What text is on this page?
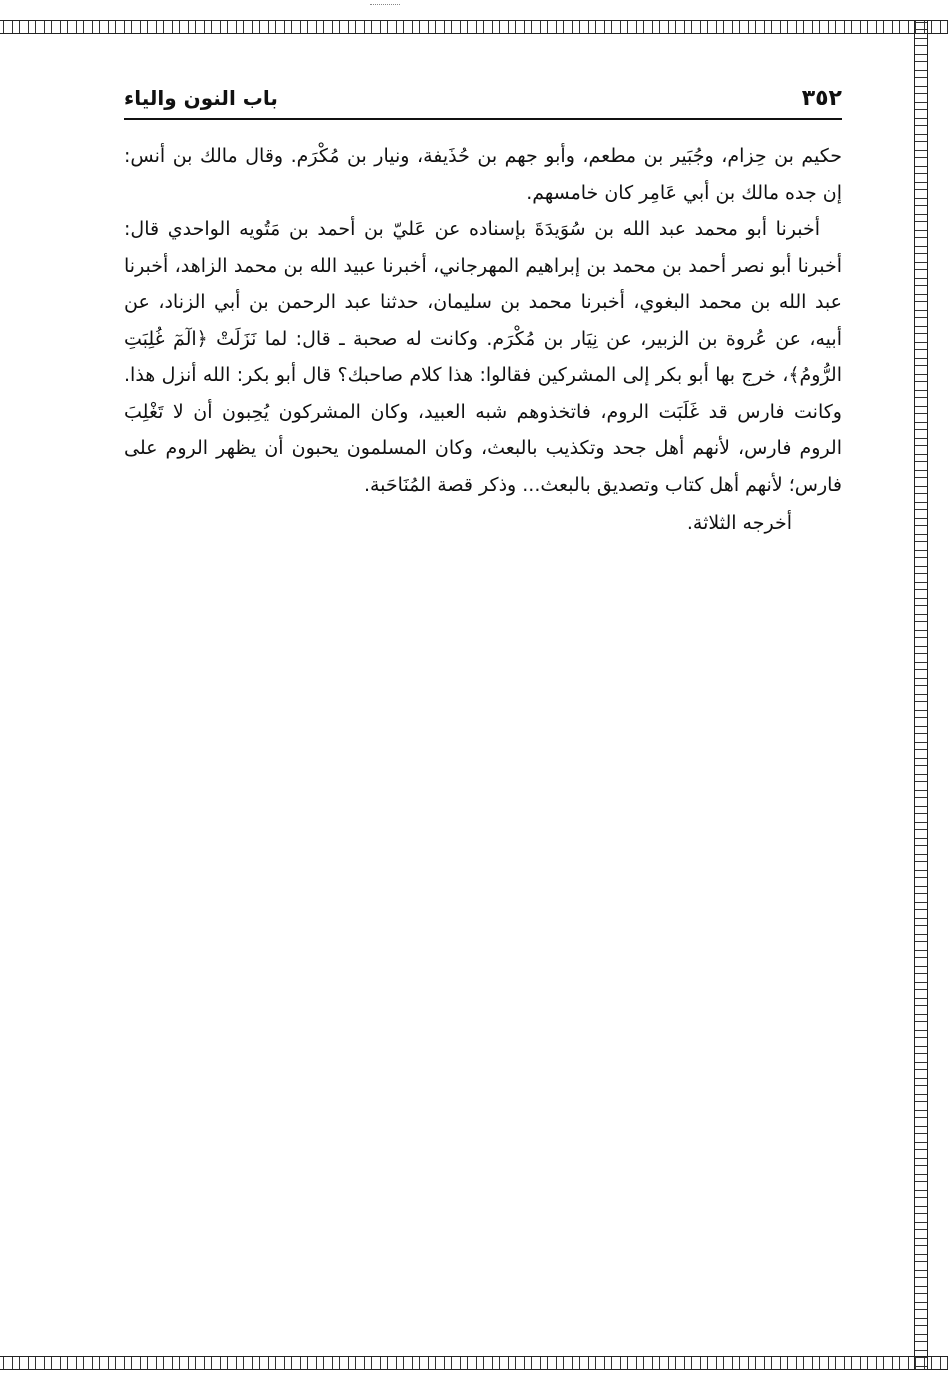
٣٥٢
باب النون والياء

حكيم بن حِزام، وجُبَير بن مطعم، وأبو جهم بن حُذَيفة، ونيار بن مُكْرَم. وقال مالك بن أنس: إن جده مالك بن أبي عَامِر كان خامسهم.

أخبرنا أبو محمد عبد الله بن سُوَيدَةَ بإسناده عن عَليّ بن أحمد بن مَتُويه الواحدي قال: أخبرنا أبو نصر أحمد بن محمد بن إبراهيم المهرجاني، أخبرنا عبيد الله بن محمد الزاهد، أخبرنا عبد الله بن محمد البغوي، أخبرنا محمد بن سليمان، حدثنا عبد الرحمن بن أبي الزناد، عن أبيه، عن عُروة بن الزبير، عن نِيَار بن مُكْرَم. وكانت له صحبة ـ قال: لما نَزَلَتْ ﴿الٓمٓ غُلِبَتِ الرُّومُ﴾، خرج بها أبو بكر إلى المشركين فقالوا: هذا كلام صاحبك؟ قال أبو بكر: الله أنزل هذا. وكانت فارس قد غَلَبَت الروم، فاتخذوهم شبه العبيد، وكان المشركون يُحِبون أن لا تَغْلِبَ الروم فارس، لأنهم أهل جحد وتكذيب بالبعث، وكان المسلمون يحبون أن يظهر الروم على فارس؛ لأنهم أهل كتاب وتصديق بالبعث... وذكر قصة المُنَاحَبة.

أخرجه الثلاثة.
